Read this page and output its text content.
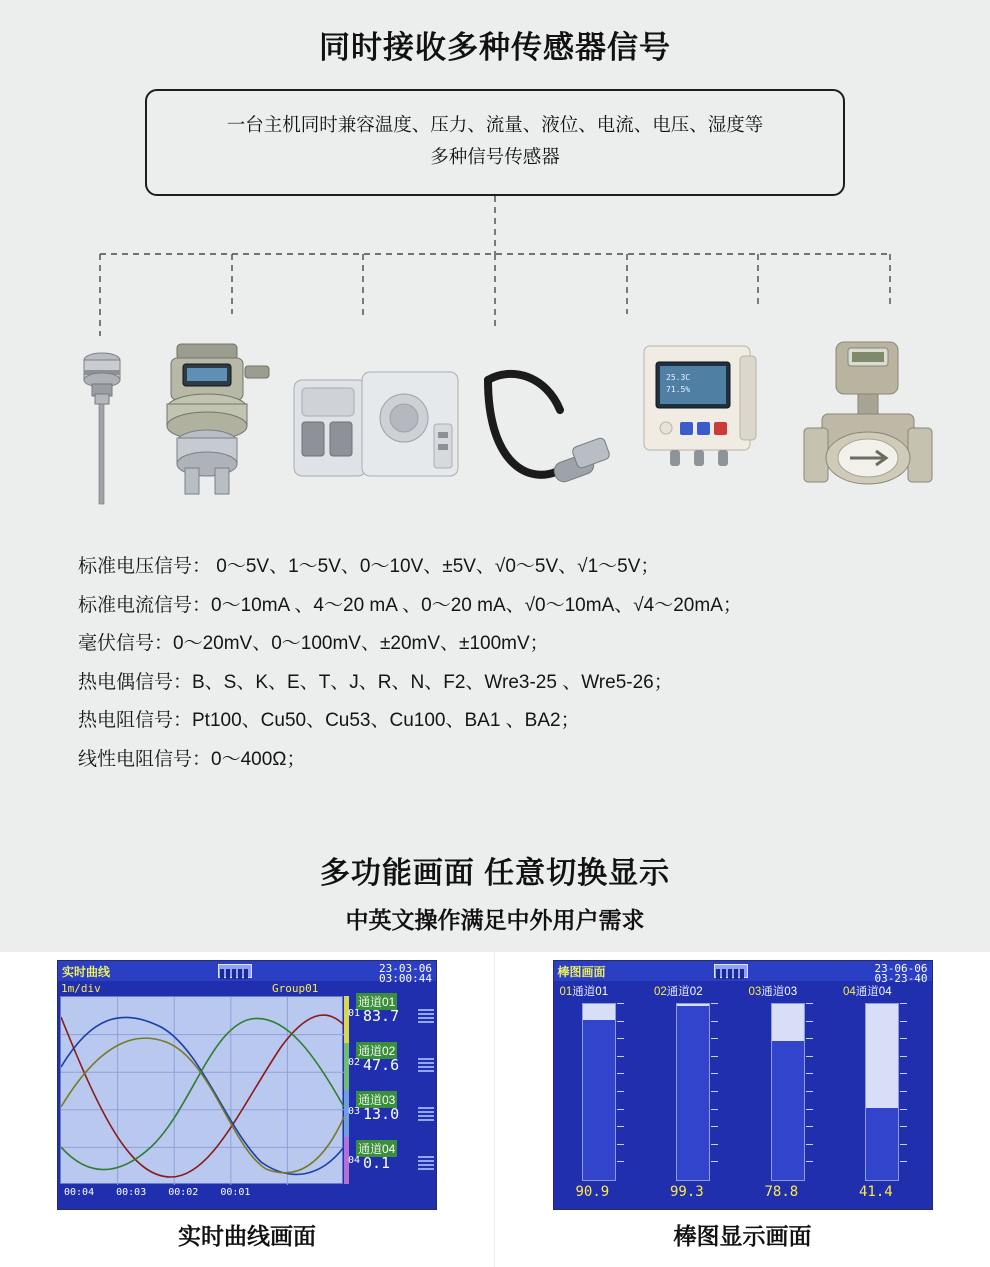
同时接收多种传感器信号
一台主机同时兼容温度、压力、流量、液位、电流、电压、湿度等
多种信号传感器
25.3C
71.5%
标准电压信号： 0～5V、1～5V、0～10V、±5V、√0～5V、√1～5V；
标准电流信号：0～10mA 、4～20 mA 、0～20 mA、√0～10mA、√4～20mA；
毫伏信号：0～20mV、0～100mV、±20mV、±100mV；
热电偶信号：B、S、K、E、T、J、R、N、F2、Wre3-25 、Wre5-26；
热电阻信号：Pt100、Cu50、Cu53、Cu100、BA1 、BA2；
线性电阻信号：0～400Ω；
多功能画面 任意切换显示
中英文操作满足中外用户需求
实时曲线	23-03-06
03:00:44
1m/div	Group01
通道01
01 83.7
通道02
02 47.6
通道03
03 13.0
通道04
04 0.1
00:04 00:03 00:02 00:01
实时曲线画面
棒图画面	23-06-06
03-23-40
01通道01	02通道02	03通道03	04通道04
90.9	99.3	78.8	41.4
棒图显示画面
